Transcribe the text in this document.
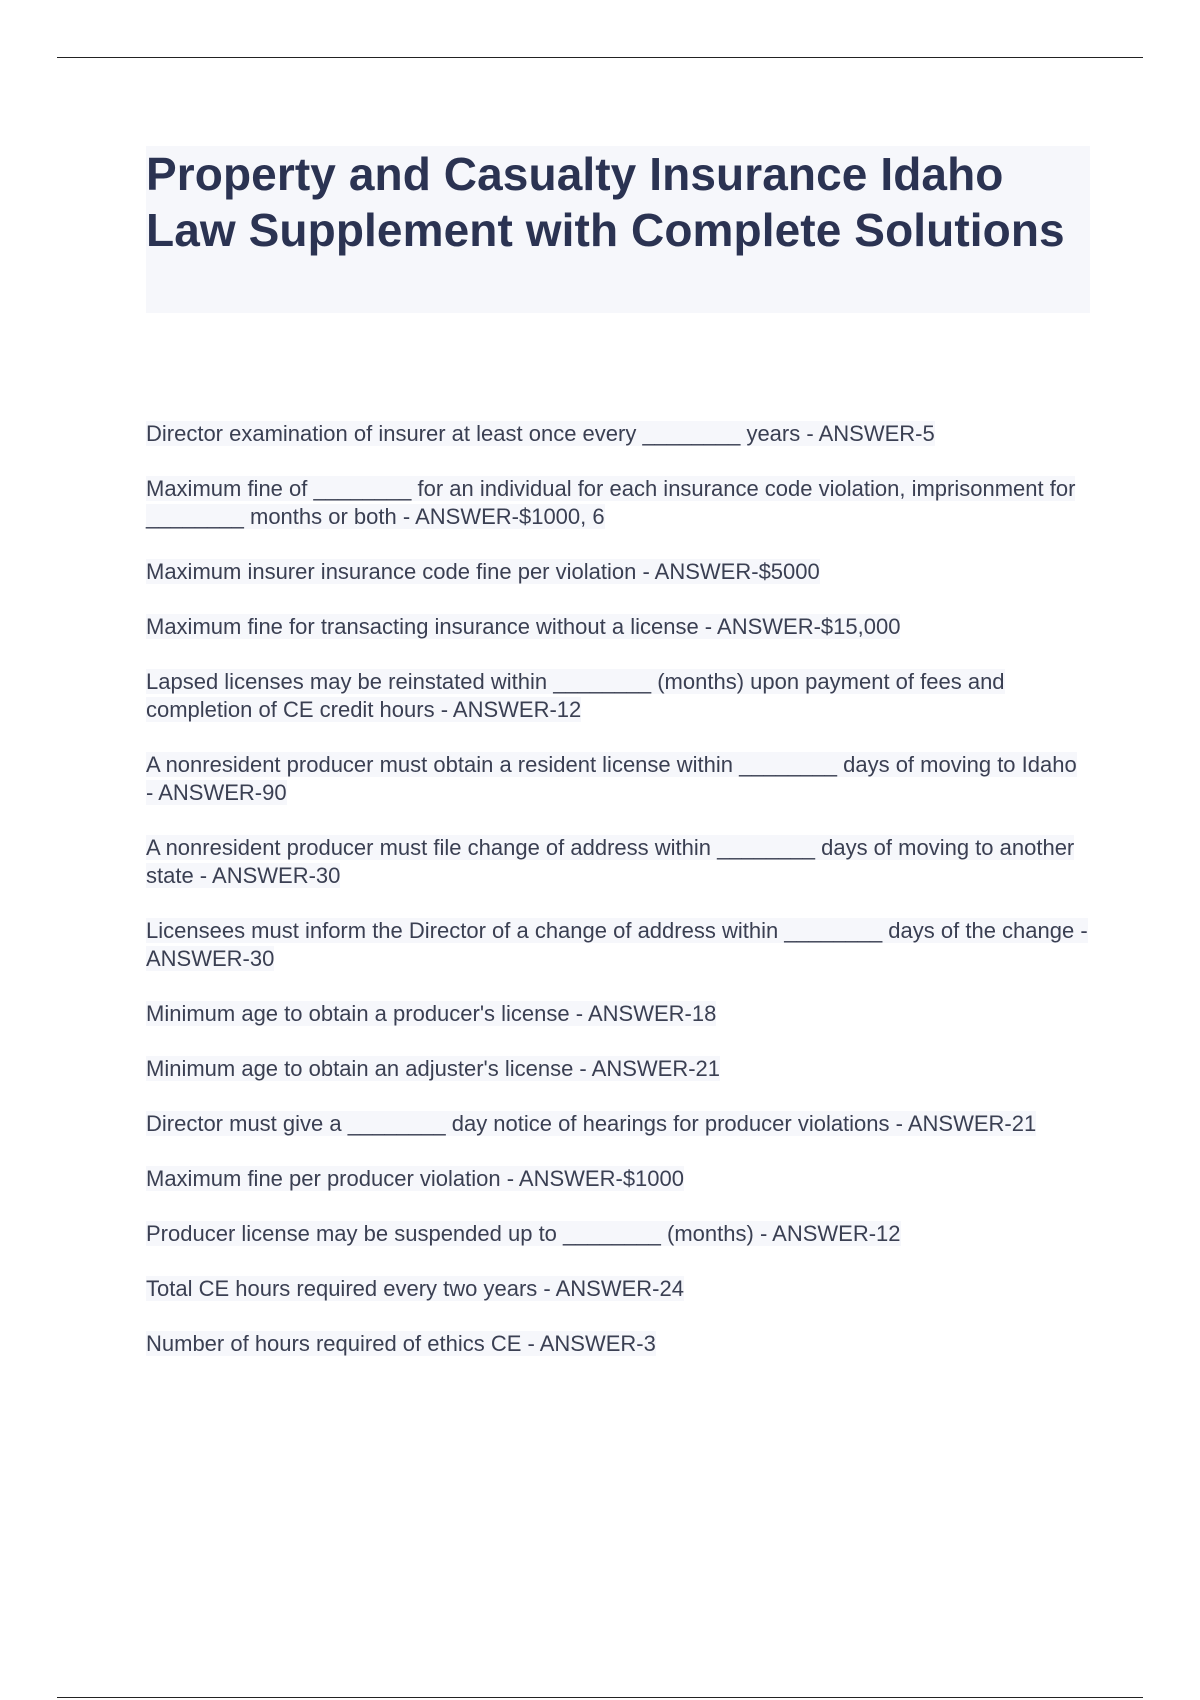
Property and Casualty Insurance Idaho Law Supplement with Complete Solutions

Director examination of insurer at least once every ________ years - ANSWER-5

Maximum fine of ________ for an individual for each insurance code violation, imprisonment for ________ months or both - ANSWER-$1000, 6

Maximum insurer insurance code fine per violation - ANSWER-$5000

Maximum fine for transacting insurance without a license - ANSWER-$15,000

Lapsed licenses may be reinstated within ________ (months) upon payment of fees and completion of CE credit hours - ANSWER-12

A nonresident producer must obtain a resident license within ________ days of moving to Idaho - ANSWER-90

A nonresident producer must file change of address within ________ days of moving to another state - ANSWER-30

Licensees must inform the Director of a change of address within ________ days of the change - ANSWER-30

Minimum age to obtain a producer's license - ANSWER-18

Minimum age to obtain an adjuster's license - ANSWER-21

Director must give a ________ day notice of hearings for producer violations - ANSWER-21

Maximum fine per producer violation - ANSWER-$1000

Producer license may be suspended up to ________ (months) - ANSWER-12

Total CE hours required every two years - ANSWER-24

Number of hours required of ethics CE - ANSWER-3
